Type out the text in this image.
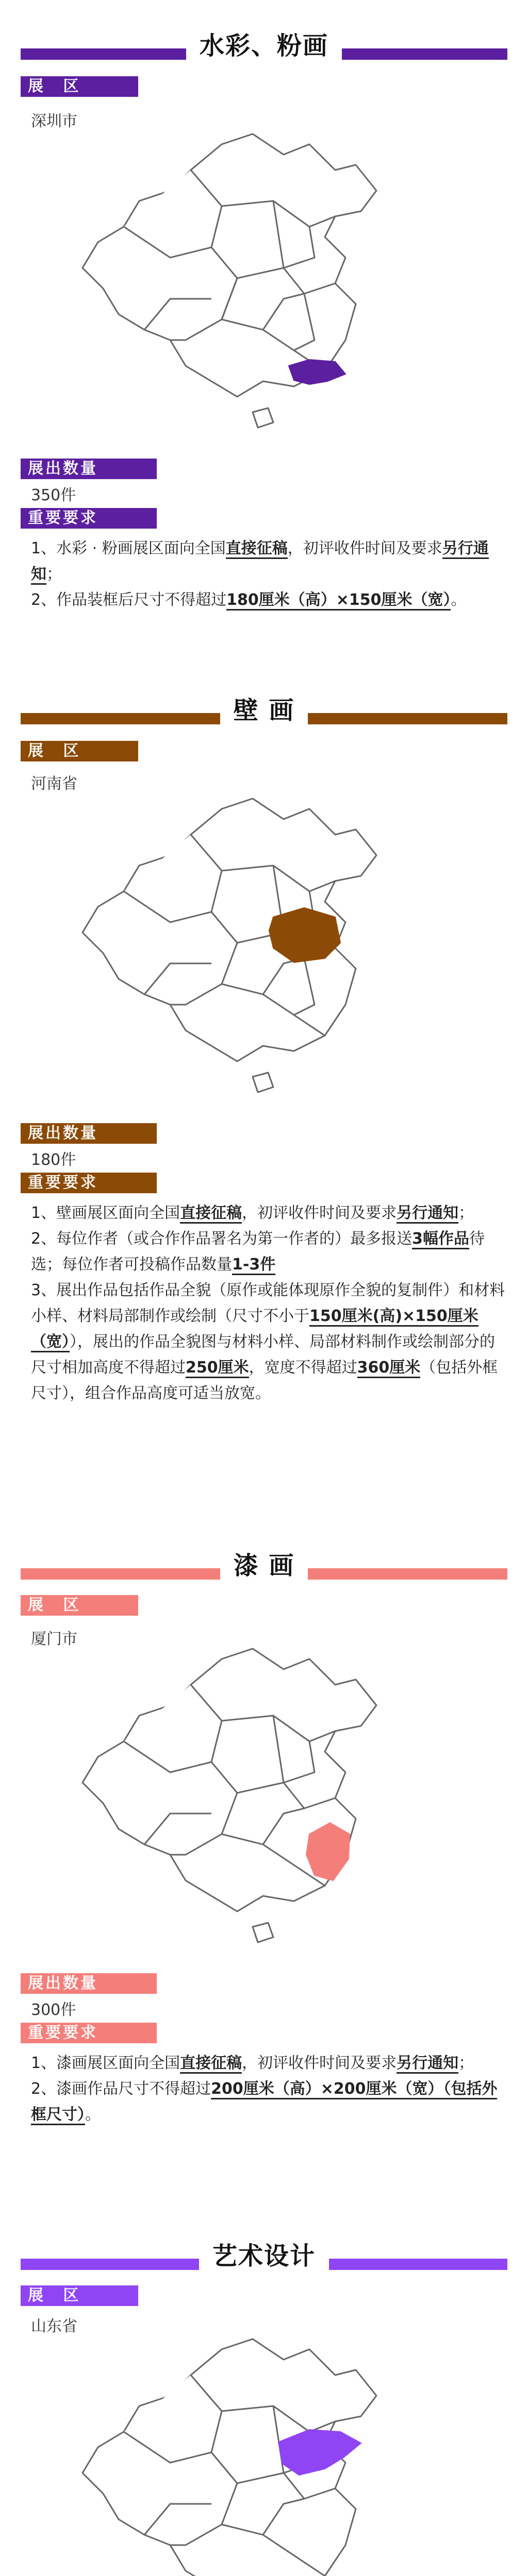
水彩、粉画
展 区
深圳市
展出数量
350件
重要要求

1、水彩 · 粉画展区面向全国直接征稿，初评收件时间及要求另行通知；

2、作品装框后尺寸不得超过180厘米（高）×150厘米（宽）。

壁 画
展 区
河南省
展出数量
180件
重要要求

1、壁画展区面向全国直接征稿，初评收件时间及要求另行通知；

2、每位作者（或合作作品署名为第一作者的）最多报送3幅作品待选；每位作者可投稿作品数量1-3件

3、展出作品包括作品全貌（原作或能体现原作全貌的复制件）和材料小样、材料局部制作或绘制（尺寸不小于150厘米(高)×150厘米（宽）），展出的作品全貌图与材料小样、局部材料制作或绘制部分的尺寸相加高度不得超过250厘米，宽度不得超过360厘米（包括外框尺寸），组合作品高度可适当放宽。

漆 画
展 区
厦门市
展出数量
300件
重要要求

1、漆画展区面向全国直接征稿，初评收件时间及要求另行通知；

2、漆画作品尺寸不得超过200厘米（高）×200厘米（宽）（包括外框尺寸）。

艺术设计
展 区
山东省
